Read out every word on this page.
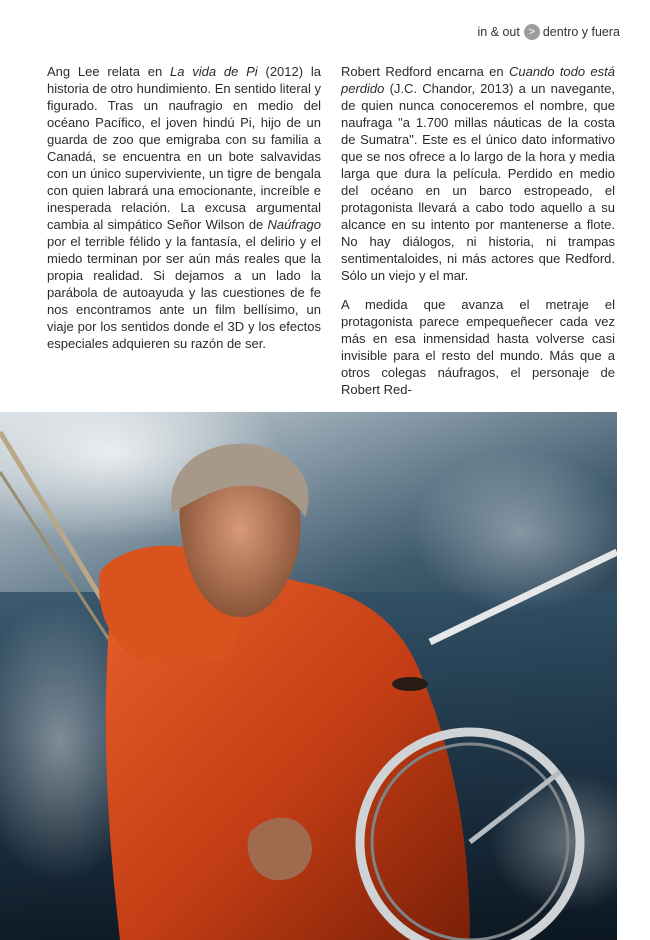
in & out > dentro y fuera

Ang Lee relata en La vida de Pi (2012) la historia de otro hundimiento. En sentido literal y figurado. Tras un naufragio en medio del océano Pacífico, el joven hindú Pi, hijo de un guarda de zoo que emigraba con su familia a Canadá, se encuentra en un bote salvavidas con un único superviviente, un tigre de bengala con quien labrará una emocionante, increíble e inesperada relación. La excusa argumental cambia al simpático Señor Wilson de Naúfrago por el terrible félido y la fantasía, el delirio y el miedo terminan por ser aún más reales que la propia realidad. Si dejamos a un lado la parábola de autoayuda y las cuestiones de fe nos encontramos ante un film bellísimo, un viaje por los sentidos donde el 3D y los efectos especiales adquieren su razón de ser.

Robert Redford encarna en Cuando todo está perdido (J.C. Chandor, 2013) a un navegante, de quien nunca conoceremos el nombre, que naufraga "a 1.700 millas náuticas de la costa de Sumatra". Este es el único dato informativo que se nos ofrece a lo largo de la hora y media larga que dura la película. Perdido en medio del océano en un barco estropeado, el protagonista llevará a cabo todo aquello a su alcance en su intento por mantenerse a flote. No hay diálogos, ni historia, ni trampas sentimentaloides, ni más actores que Redford. Sólo un viejo y el mar.

A medida que avanza el metraje el protagonista parece empequeñecer cada vez más en esa inmensidad hasta volverse casi invisible para el resto del mundo. Más que a otros colegas náufragos, el personaje de Robert Red-
